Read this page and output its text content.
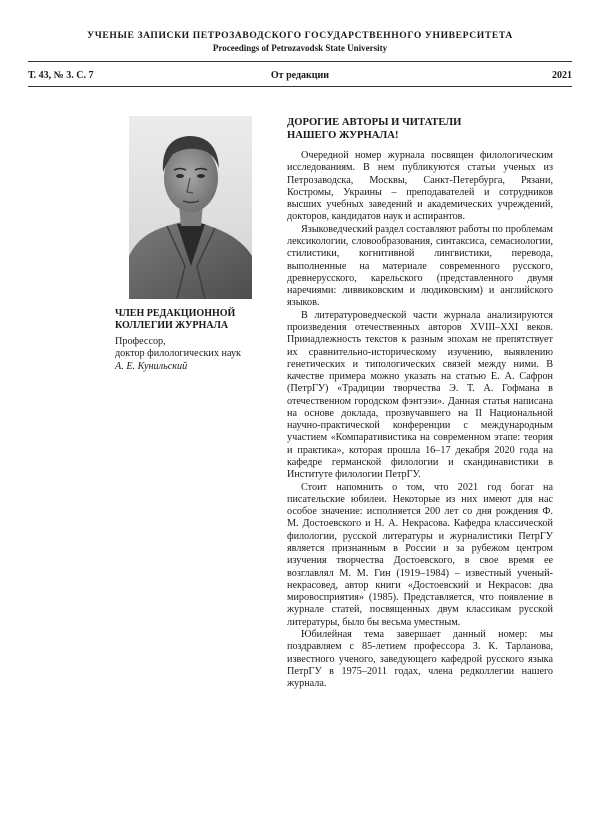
УЧЕНЫЕ ЗАПИСКИ ПЕТРОЗАВОДСКОГО ГОСУДАРСТВЕННОГО УНИВЕРСИТЕТА
Proceedings of Petrozavodsk State University
Т. 43, № 3. С. 7	От редакции	2021
ЧЛЕН РЕДАКЦИОННОЙ
КОЛЛЕГИИ ЖУРНАЛА
Профессор,
доктор филологических наук
А. Е. Кунильский
ДОРОГИЕ АВТОРЫ И ЧИТАТЕЛИ
НАШЕГО ЖУРНАЛА!

Очередной номер журнала посвящен филологическим исследованиям. В нем публикуются статьи ученых из Петрозаводска, Москвы, Санкт-Петербурга, Рязани, Костромы, Украины – преподавателей и сотрудников высших учебных заведений и академических учреждений, докторов, кандидатов наук и аспирантов.

Языковедческий раздел составляют работы по проблемам лексикологии, словообразования, синтаксиса, семасиологии, стилистики, когнитивной лингвистики, перевода, выполненные на материале современного русского, древнерусского, карельского (представленного двумя наречиями: ливвиковским и людиковским) и английского языков.

В литературоведческой части журнала анализируются произведения отечественных авторов XVIII–XXI веков. Принадлежность текстов к разным эпохам не препятствует их сравнительно-историческому изучению, выявлению генетических и типологических связей между ними. В качестве примера можно указать на статью Е. А. Сафрон (ПетрГУ) «Традиции творчества Э. Т. А. Гофмана в отечественном городском фэнтэзи». Данная статья написана на основе доклада, прозвучавшего на II Национальной научно-практической конференции с международным участием «Компаративистика на современном этапе: теория и практика», которая прошла 16–17 декабря 2020 года на кафедре германской филологии и скандинавистики в Институте филологии ПетрГУ.

Стоит напомнить о том, что 2021 год богат на писательские юбилеи. Некоторые из них имеют для нас особое значение: исполняется 200 лет со дня рождения Ф. М. Достоевского и Н. А. Некрасова. Кафедра классической филологии, русской литературы и журналистики ПетрГУ является признанным в России и за рубежом центром изучения творчества Достоевского, в свое время ее возглавлял М. М. Гин (1919–1984) – известный ученый-некрасовед, автор книги «Достоевский и Некрасов: два мировосприятия» (1985). Представляется, что появление в журнале статей, посвященных двум классикам русской литературы, было бы весьма уместным.

Юбилейная тема завершает данный номер: мы поздравляем с 85-летием профессора З. К. Тарланова, известного ученого, заведующего кафедрой русского языка ПетрГУ в 1975–2011 годах, члена редколлегии нашего журнала.
